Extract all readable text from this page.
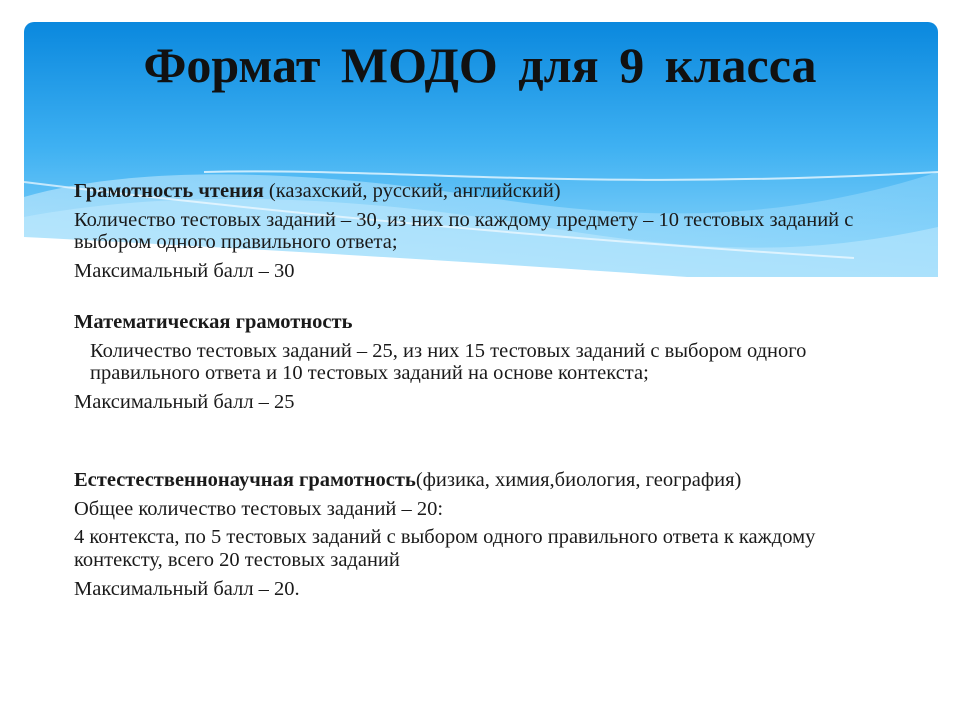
Формат МОДО для 9 класса

Грамотность чтения (казахский, русский, английский)

Количество тестовых заданий – 30, из них по каждому предмету – 10 тестовых заданий с выбором одного правильного ответа;

Максимальный балл – 30

Математическая грамотность

Количество тестовых заданий – 25, из них 15 тестовых заданий с выбором одного правильного ответа и 10 тестовых заданий на основе контекста;

Максимальный балл – 25

Естестественнонаучная грамотность(физика, химия,биология, география)

Общее количество тестовых заданий – 20:

4 контекста, по 5 тестовых заданий с выбором одного правильного ответа к каждому контексту, всего 20 тестовых заданий

Максимальный балл – 20.
